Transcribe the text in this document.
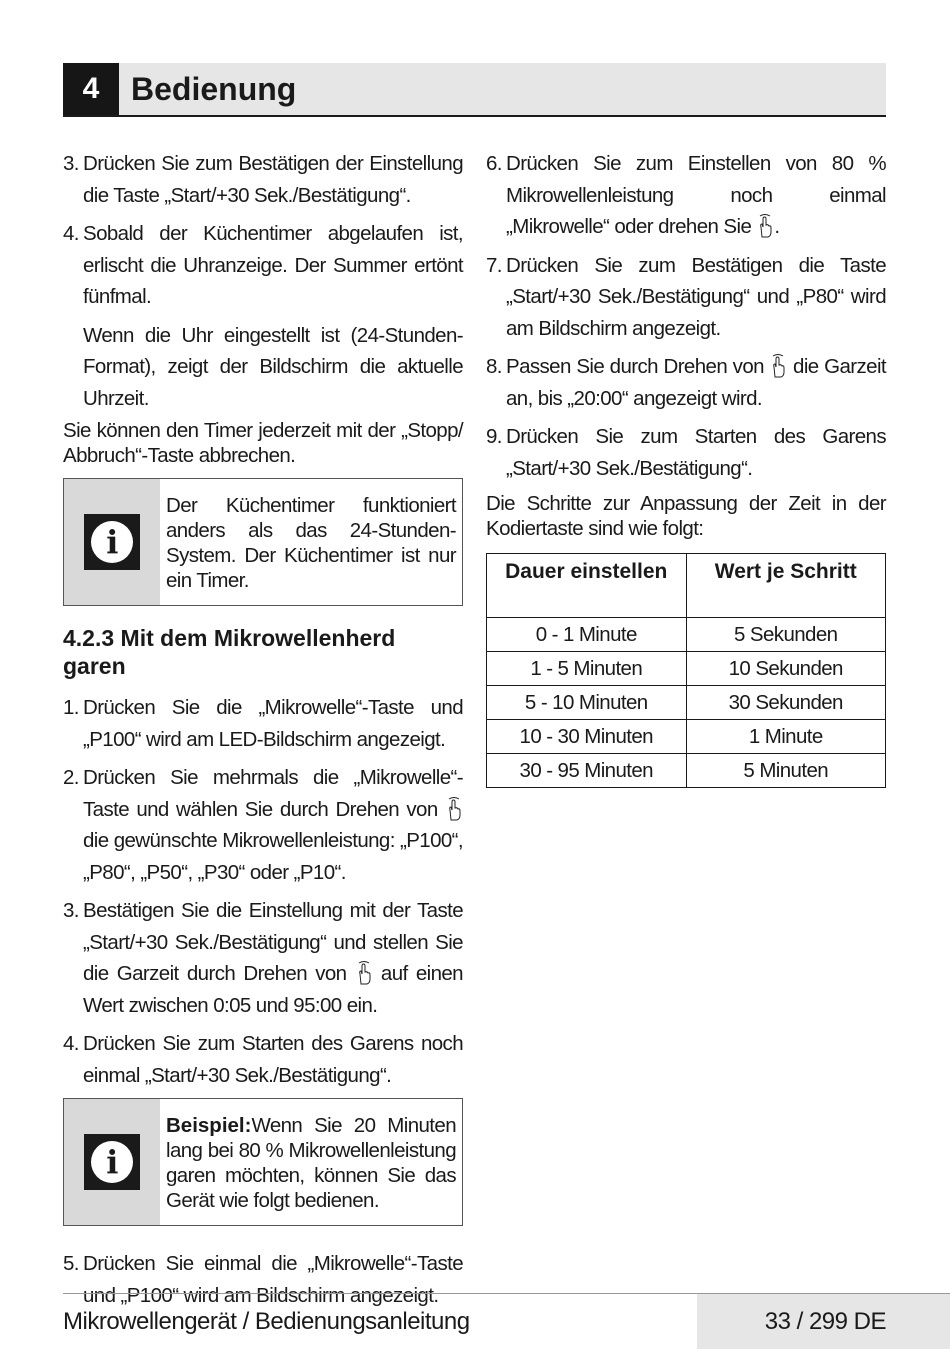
4 Bedienung
3. Drücken Sie zum Bestätigen der Einstellung die Taste „Start/+30 Sek./Bestätigung“.
4. Sobald der Küchentimer abgelaufen ist, erlischt die Uhranzeige. Der Summer ertönt fünfmal.
Wenn die Uhr eingestellt ist (24-Stunden-Format), zeigt der Bildschirm die aktuelle Uhrzeit.
Sie können den Timer jederzeit mit der „Stopp/ Abbruch“-Taste abbrechen.
i
Der Küchentimer funktioniert anders als das 24-Stunden-System. Der Küchentimer ist nur ein Timer.
4.2.3 Mit dem Mikrowellenherd garen
1. Drücken Sie die „Mikrowelle“-Taste und „P100“ wird am LED-Bildschirm angezeigt.
2. Drücken Sie mehrmals die „Mikrowelle“-Taste und wählen Sie durch Drehen von  die gewünschte Mikrowellenleistung: „P100“, „P80“, „P50“, „P30“ oder „P10“.
3. Bestätigen Sie die Einstellung mit der Taste „Start/+30 Sek./Bestätigung“ und stellen Sie die Garzeit durch Drehen von auf einen Wert zwischen 0:05 und 95:00 ein.
4. Drücken Sie zum Starten des Garens noch einmal „Start/+30 Sek./Bestätigung“.
i
Beispiel:Wenn Sie 20 Minuten lang bei 80 % Mikrowellenleistung garen möchten, können Sie das Gerät wie folgt bedienen.
5. Drücken Sie einmal die „Mikrowelle“-Taste und „P100“ wird am Bildschirm angezeigt.
6. Drücken Sie zum Einstellen von 80 % Mikrowellenleistung noch einmal „Mikrowelle“ oder drehen Sie .
7. Drücken Sie zum Bestätigen die Taste „Start/+30 Sek./Bestätigung“ und „P80“ wird am Bildschirm angezeigt.
8. Passen Sie durch Drehen von die Garzeit an, bis „20:00“ angezeigt wird.
9. Drücken Sie zum Starten des Garens „Start/+30 Sek./Bestätigung“.
Die Schritte zur Anpassung der Zeit in der Kodiertaste sind wie folgt:
Dauer einstellen	Wert je Schritt
0 - 1 Minute	5 Sekunden
1 - 5 Minuten	10 Sekunden
5 - 10 Minuten	30 Sekunden
10 - 30 Minuten	1 Minute
30 - 95 Minuten	5 Minuten
Mikrowellengerät / Bedienungsanleitung	33 / 299 DE
